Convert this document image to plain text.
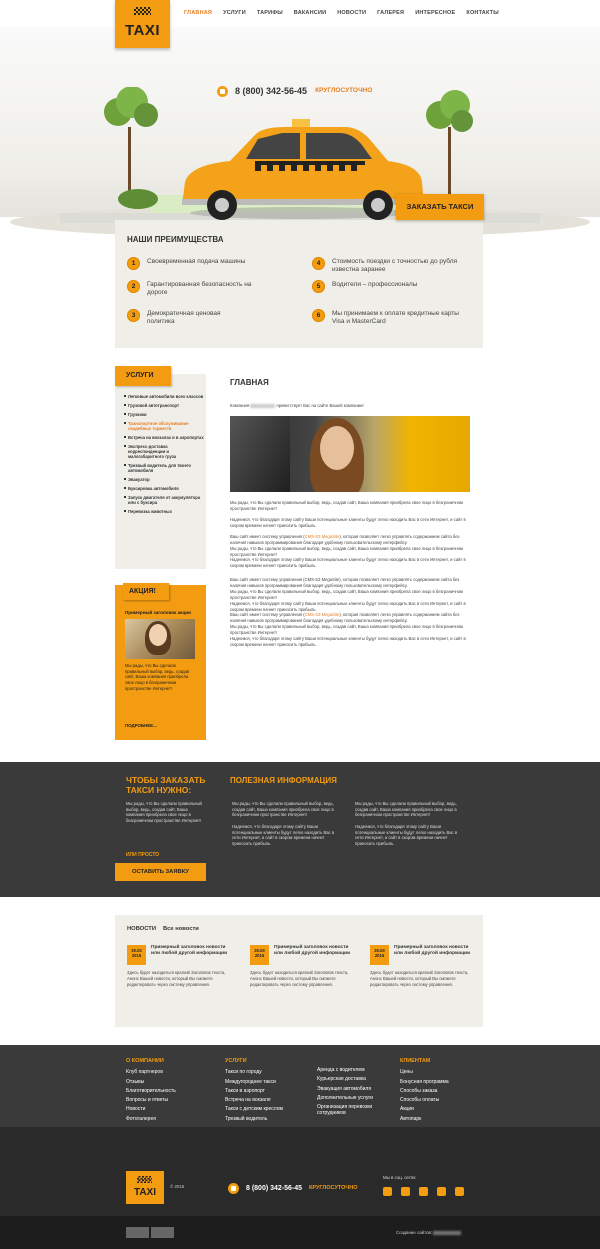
8 (800) 342-56-45 КРУГЛОСУТОЧНО
ГЛАВНАЯ УСЛУГИ ТАРИФЫ ВАКАНСИИ НОВОСТИ ГАЛЕРЕЯ ИНТЕРЕСНОЕ КОНТАКТЫ
TAXI
НАШИ ПРЕИМУЩЕСТВА
1	Своевременная подача машины
2	Гарантированная безопасность на дороге
3	Демократичная ценовая политика
4	Стоимость поездки с точностью до рубля известна заранее
5	Водители – профессионалы
6	Мы принимаем к оплате кредитные карты Visa и MasterCard
ЗАКАЗАТЬ ТАКСИ
УСЛУГИ
Легковые автомобили всех классов
Грузовой автотранспорт
Грузчики
Транспортное обслуживание свадебных торжеств
Встреча на вокзалах и в аэропортах
Экспресс-доставка корреспонденции и малогабаритного груза
Трезвый водитель для твоего автомобиля
Эвакуатор
Буксировка автомобиля
Запуск двигателя от аккумулятора или с буксира
Перевозка животных
АКЦИЯ!
Примерный заголовок акции
Мы рады, что Вы сделали правильный выбор, ведь, создав сайт, Ваша компания приобрела свое лицо в безграничном пространстве Интернет!
ПОДРОБНЕЕ...
ГЛАВНАЯ
Компания	приветствует Вас на сайте Вашей компании!

Мы рады, что Вы сделали правильный выбор, ведь, создав сайт, Ваша компания приобрела свое лицо в безграничном пространстве Интернет!

Надеемся, что благодаря этому сайту Ваши потенциальные клиенты будут легко находить Вас в сети Интернет, и сайт в скором времени начнет приносить прибыль.

Ваш сайт имеет систему управления (CMS-S3 MegaSite), которая позволяет легко управлять содержанием сайта без наличия навыков программирования благодаря удобному пользовательскому интерфейсу.

Мы рады, что Вы сделали правильный выбор, ведь, создав сайт, Ваша компания приобрела свое лицо в безграничном пространстве Интернет!

Надеемся, что благодаря этому сайту Ваши потенциальные клиенты будут легко находить Вас в сети Интернет, и сайт в скором времени начнет приносить прибыль.

Ваш сайт имеет систему управления (CMS-S3 MegaSite), которая позволяет легко управлять содержанием сайта без наличия навыков программирования благодаря удобному пользовательскому интерфейсу.

Мы рады, что Вы сделали правильный выбор, ведь, создав сайт, Ваша компания приобрела свое лицо в безграничном пространстве Интернет!

Надеемся, что благодаря этому сайту Ваши потенциальные клиенты будут легко находить Вас в сети Интернет, и сайт в скором времени начнет приносить прибыль.

Ваш сайт имеет систему управления (CMS-S3 MegaSite), которая позволяет легко управлять содержанием сайта без наличия навыков программирования благодаря удобному пользовательскому интерфейсу.

Мы рады, что Вы сделали правильный выбор, ведь, создав сайт, Ваша компания приобрела свое лицо в безграничном пространстве Интернет!

Надеемся, что благодаря этому сайту Ваши потенциальные клиенты будут легко находить Вас в сети Интернет, и сайт в скором времени начнет приносить прибыль.

ЧТОБЫ ЗАКАЗАТЬ ТАКСИ НУЖНО:
Мы рады, что Вы сделали правильный выбор, ведь, создав сайт, Ваша компания приобрела свое лицо в безграничном пространстве Интернет!
ИЛИ ПРОСТО
ОСТАВИТЬ ЗАЯВКУ
ПОЛЕЗНАЯ ИНФОРМАЦИЯ

Мы рады, что Вы сделали правильный выбор, ведь, создав сайт, Ваша компания приобрела свое лицо в безграничном пространстве Интернет!

Надеемся, что благодаря этому сайту Ваши потенциальные клиенты будут легко находить Вас в сети Интернет, и сайт в скором времени начнет приносить прибыль.

Мы рады, что Вы сделали правильный выбор, ведь, создав сайт, Ваша компания приобрела свое лицо в безграничном пространстве Интернет!

Надеемся, что благодаря этому сайту Ваши потенциальные клиенты будут легко находить Вас в сети Интернет, и сайт в скором времени начнет приносить прибыль.

НОВОСТИ Все новости
30.03
2015
Примерный заголовок новости или любой другой информации
Здесь будет находиться краткий Заголовок текста, Анонс Вашей новости, который Вы сможете редактировать через систему управления.
30.03
2015
Примерный заголовок новости или любой другой информации
Здесь будет находиться краткий Заголовок текста, Анонс Вашей новости, который Вы сможете редактировать через систему управления.
30.03
2015
Примерный заголовок новости или любой другой информации
Здесь будет находиться краткий Заголовок текста, Анонс Вашей новости, который Вы сможете редактировать через систему управления.
О КОМПАНИИ
Клуб партнеров
Отзывы
Благотворительность
Вопросы и ответы
Новости
Фотогалерея
УСЛУГИ
Такси по городу
Междугороднее такси
Такси в аэропорт
Встреча на вокзале
Такси с детским креслом
Трезвый водитель
Аренда с водителем
Курьерская доставка
Эвакуация автомобиля
Дополнительные услуги
Организация перевозки сотрудников
КЛИЕНТАМ
Цены
Бонусная программа
Способы заказа
Способы оплаты
Акции
Автопарк
TAXI
© 2015	8 (800) 342-56-45 КРУГЛОСУТОЧНО
Мы в соц. сетях:
Создание сайтов:
